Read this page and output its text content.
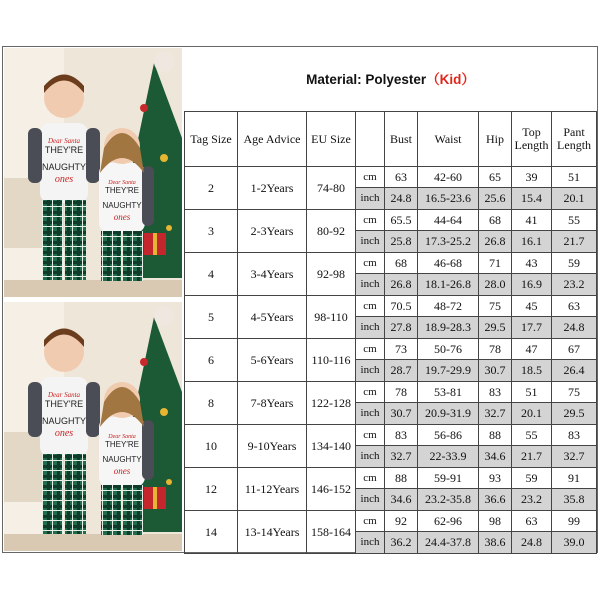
Dear Santa
THEY'RE
NAUGHTY
ones	Dear Santa
THEY'RE
NAUGHTY
ones
Dear Santa
THEY'RE
NAUGHTY
ones	Dear Santa
THEY'RE
NAUGHTY
ones
Material: Polyester（Kid）								
Tag Size	Age Advice	EU Size		Bust	Waist	Hip	Top Length	Pant Length
2	1-2Years	74-80	cm	63	42-60	65	39	51
			inch	24.8	16.5-23.6	25.6	15.4	20.1
3	2-3Years	80-92	cm	65.5	44-64	68	41	55
			inch	25.8	17.3-25.2	26.8	16.1	21.7
4	3-4Years	92-98	cm	68	46-68	71	43	59
			inch	26.8	18.1-26.8	28.0	16.9	23.2
5	4-5Years	98-110	cm	70.5	48-72	75	45	63
			inch	27.8	18.9-28.3	29.5	17.7	24.8
6	5-6Years	110-116	cm	73	50-76	78	47	67
			inch	28.7	19.7-29.9	30.7	18.5	26.4
8	7-8Years	122-128	cm	78	53-81	83	51	75
			inch	30.7	20.9-31.9	32.7	20.1	29.5
10	9-10Years	134-140	cm	83	56-86	88	55	83
			inch	32.7	22-33.9	34.6	21.7	32.7
12	11-12Years	146-152	cm	88	59-91	93	59	91
			inch	34.6	23.2-35.8	36.6	23.2	35.8
14	13-14Years	158-164	cm	92	62-96	98	63	99
			inch	36.2	24.4-37.8	38.6	24.8	39.0
